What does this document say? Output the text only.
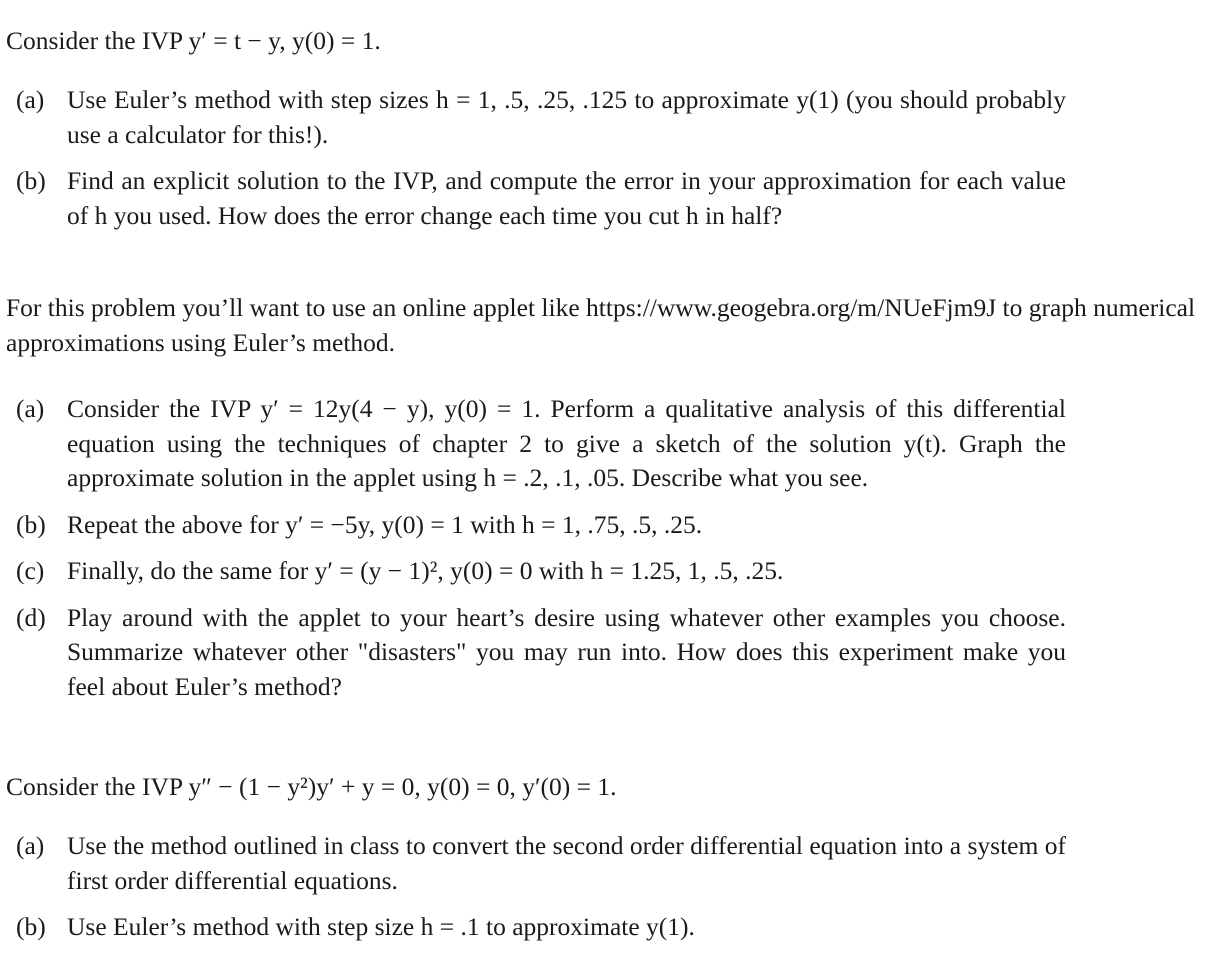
Consider the IVP y′ = t − y, y(0) = 1.

(a) Use Euler’s method with step sizes h = 1, .5, .25, .125 to approximate y(1) (you should probably use a calculator for this!).
(b) Find an explicit solution to the IVP, and compute the error in your approximation for each value of h you used. How does the error change each time you cut h in half?

For this problem you’ll want to use an online applet like https://www.geogebra.org/m/NUeFjm9J to graph numerical approximations using Euler’s method.

(a) Consider the IVP y′ = 12y(4 − y), y(0) = 1. Perform a qualitative analysis of this differential equation using the techniques of chapter 2 to give a sketch of the solution y(t). Graph the approximate solution in the applet using h = .2, .1, .05. Describe what you see.
(b) Repeat the above for y′ = −5y, y(0) = 1 with h = 1, .75, .5, .25.
(c) Finally, do the same for y′ = (y − 1)², y(0) = 0 with h = 1.25, 1, .5, .25.
(d) Play around with the applet to your heart’s desire using whatever other examples you choose. Summarize whatever other "disasters" you may run into. How does this experiment make you feel about Euler’s method?

Consider the IVP y″ − (1 − y²)y′ + y = 0, y(0) = 0, y′(0) = 1.

(a) Use the method outlined in class to convert the second order differential equation into a system of first order differential equations.
(b) Use Euler’s method with step size h = .1 to approximate y(1).
